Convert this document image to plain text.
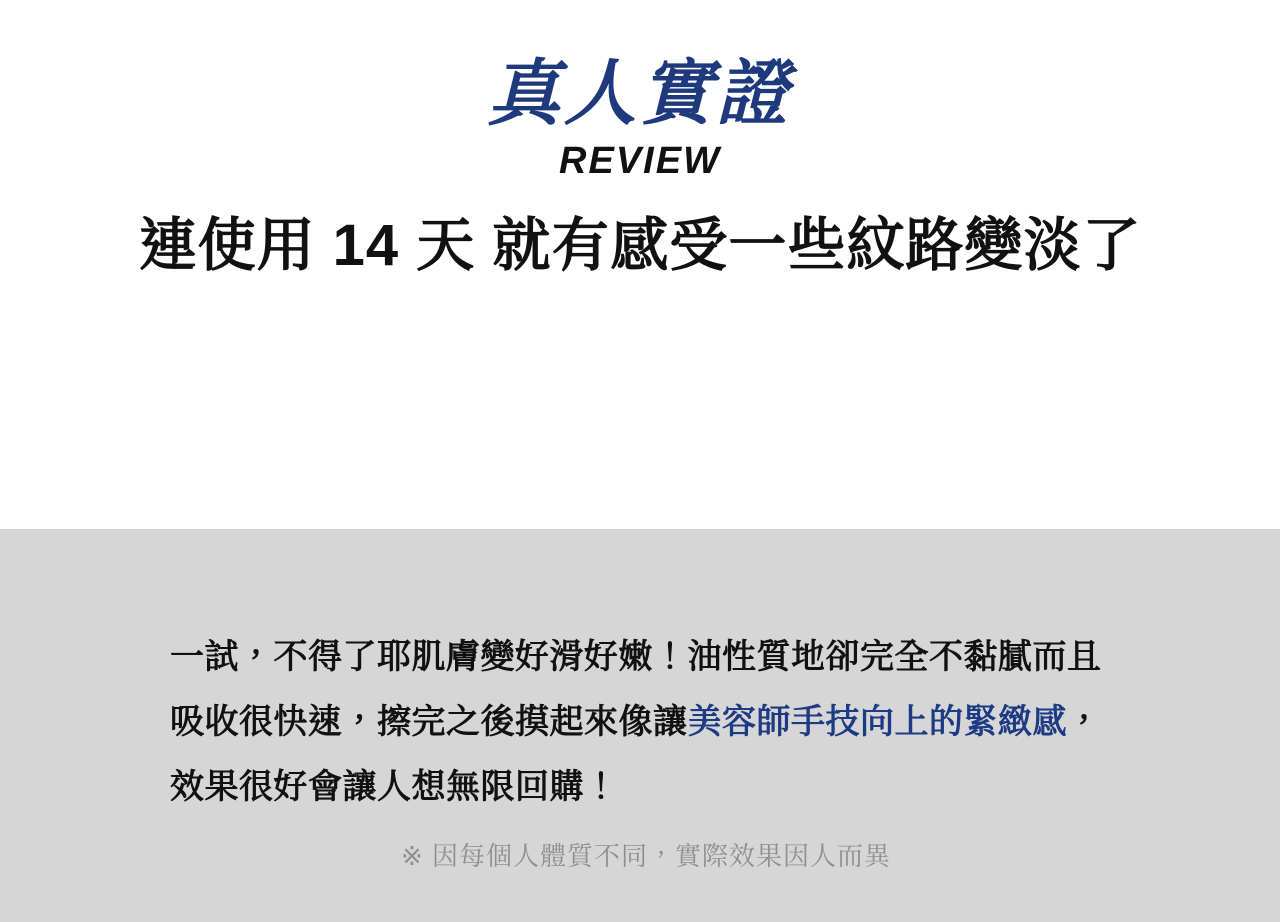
真人實證
REVIEW
連使用 14 天 就有感受一些紋路變淡了

一試，不得了耶肌膚變好滑好嫩！油性質地卻完全不黏膩而且吸收很快速，擦完之後摸起來像讓美容師手技向上的緊緻感，效果很好會讓人想無限回購！

※ 因每個人體質不同，實際效果因人而異
